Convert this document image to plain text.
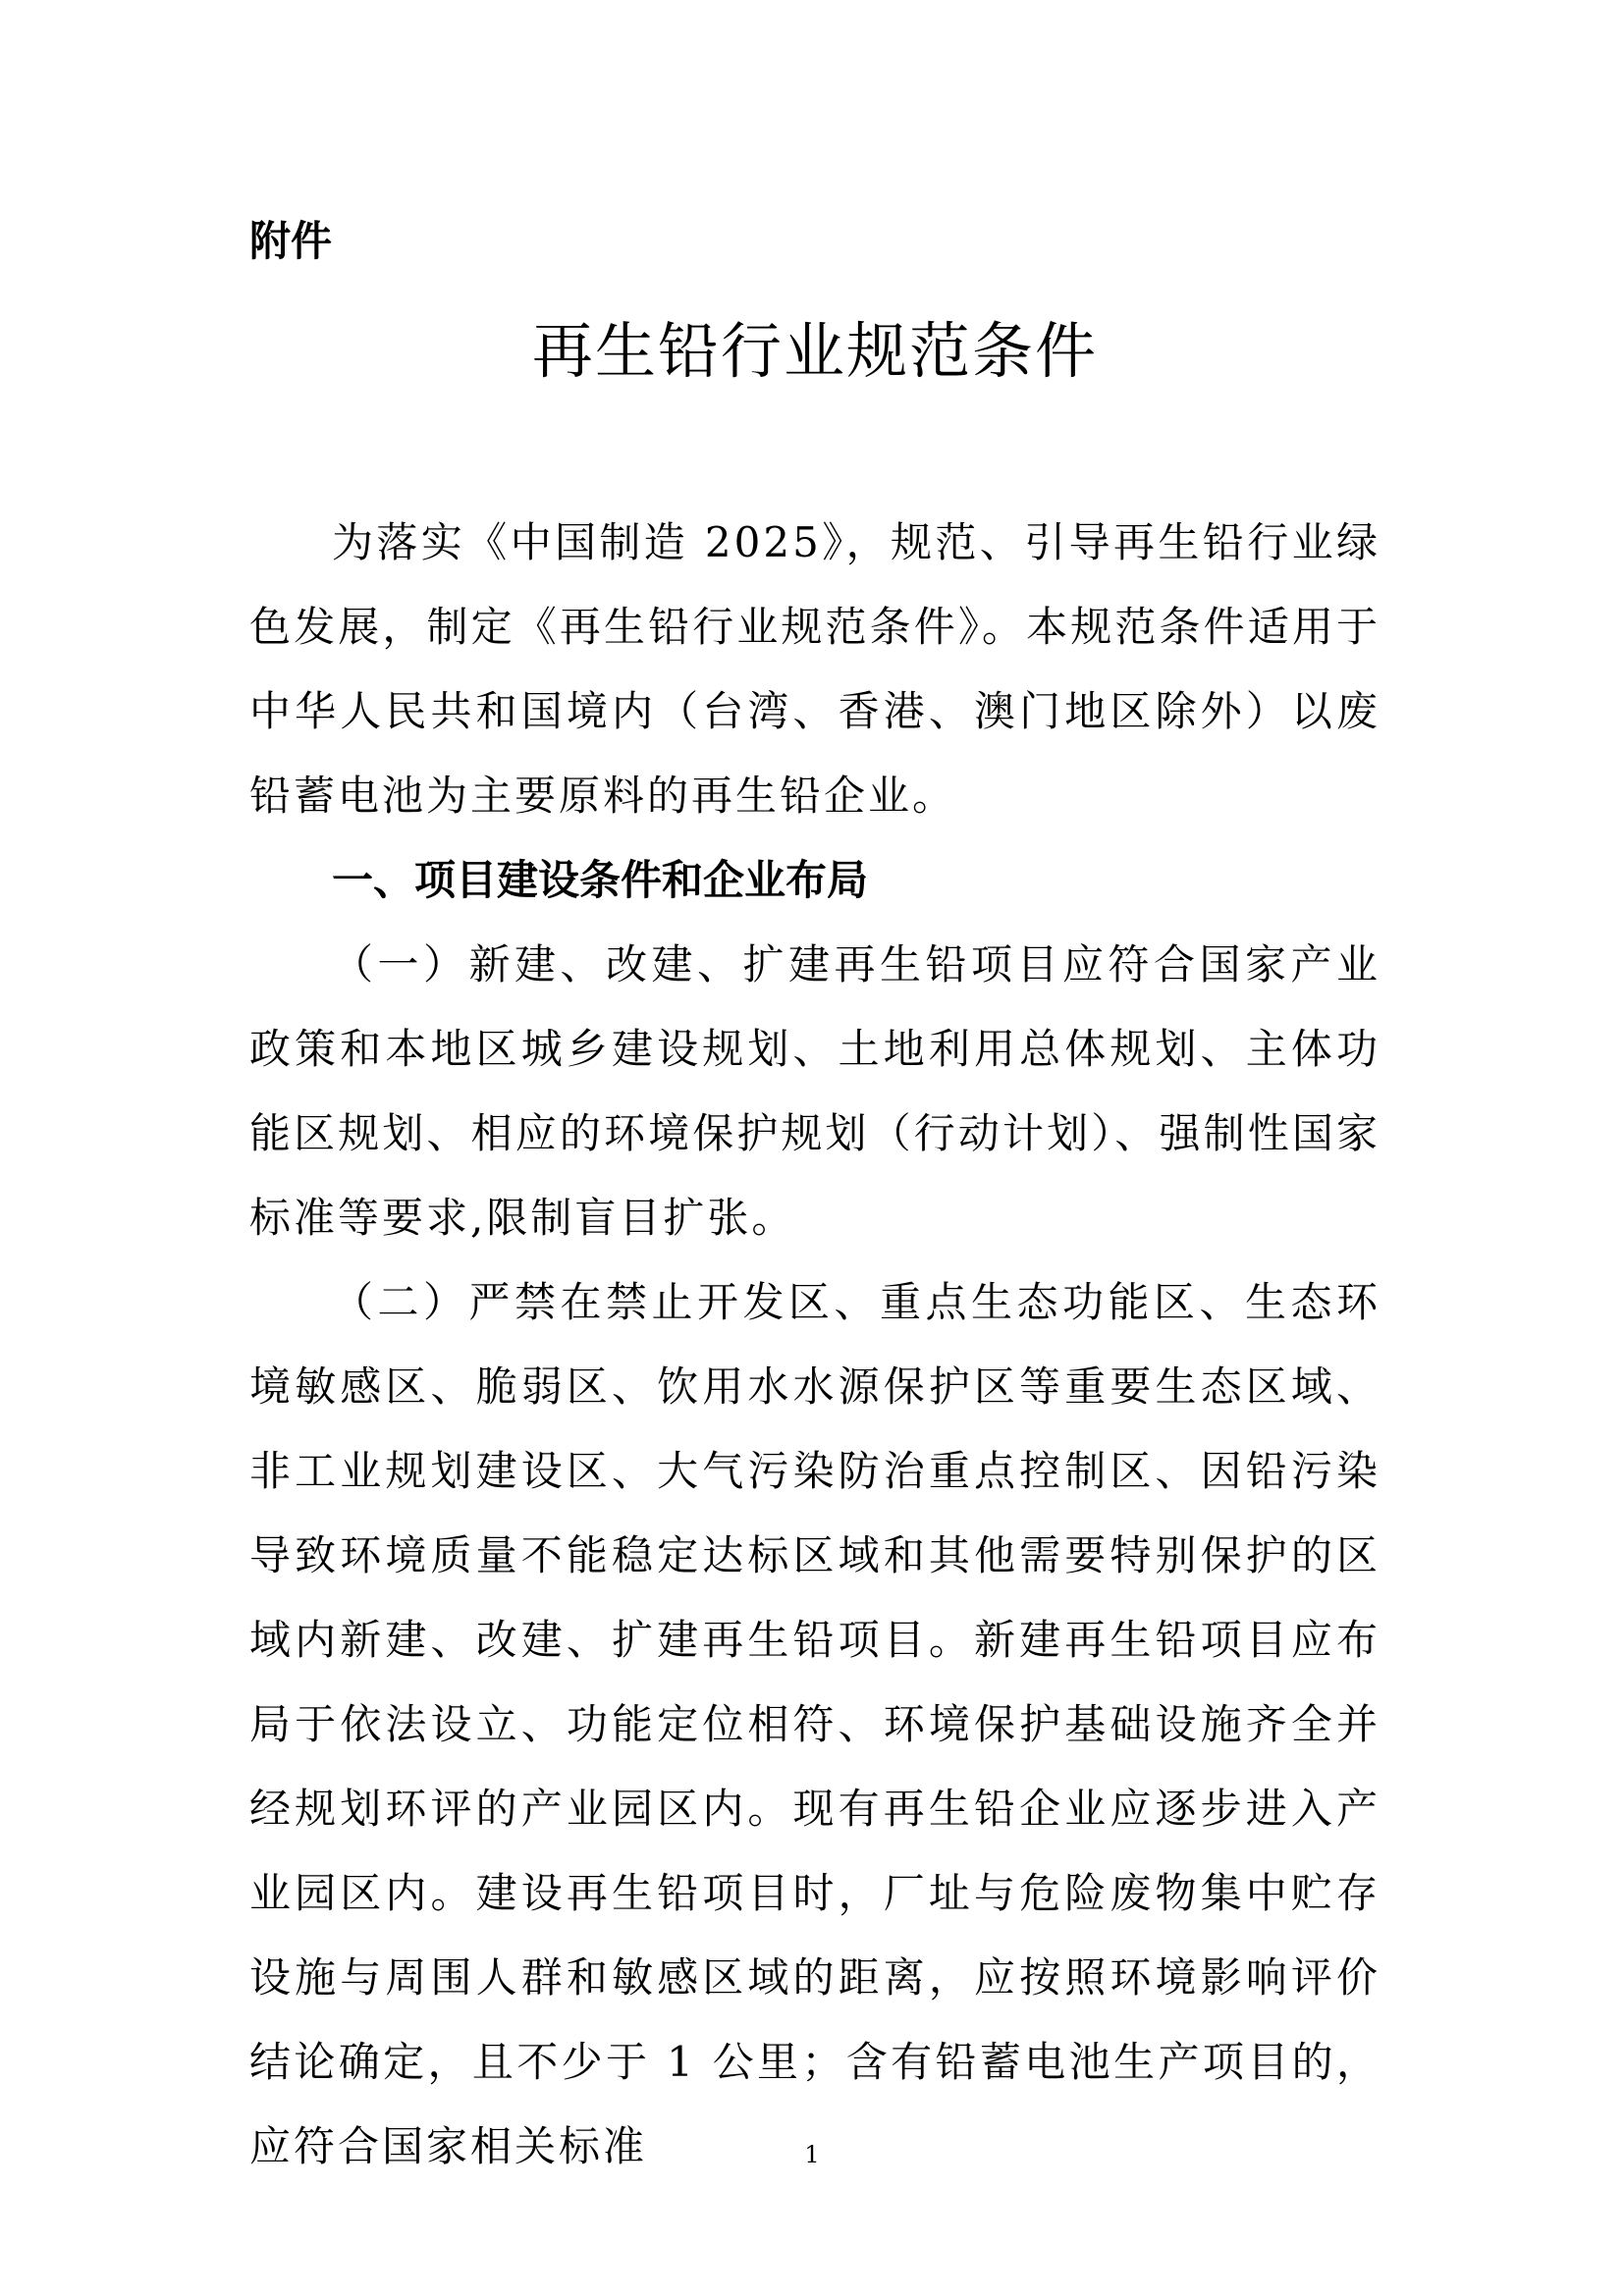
附件
再生铅行业规范条件

为落实《中国制造 2025》，规范、引导再生铅行业绿色发展，制定《再生铅行业规范条件》。本规范条件适用于中华人民共和国境内（台湾、香港、澳门地区除外）以废铅蓄电池为主要原料的再生铅企业。

一、项目建设条件和企业布局

（一）新建、改建、扩建再生铅项目应符合国家产业政策和本地区城乡建设规划、土地利用总体规划、主体功能区规划、相应的环境保护规划（行动计划）、强制性国家标准等要求,限制盲目扩张。

（二）严禁在禁止开发区、重点生态功能区、生态环境敏感区、脆弱区、饮用水水源保护区等重要生态区域、非工业规划建设区、大气污染防治重点控制区、因铅污染导致环境质量不能稳定达标区域和其他需要特别保护的区域内新建、改建、扩建再生铅项目。新建再生铅项目应布局于依法设立、功能定位相符、环境保护基础设施齐全并经规划环评的产业园区内。现有再生铅企业应逐步进入产业园区内。建设再生铅项目时，厂址与危险废物集中贮存设施与周围人群和敏感区域的距离，应按照环境影响评价结论确定，且不少于 1 公里；含有铅蓄电池生产项目的，应符合国家相关标准	1
